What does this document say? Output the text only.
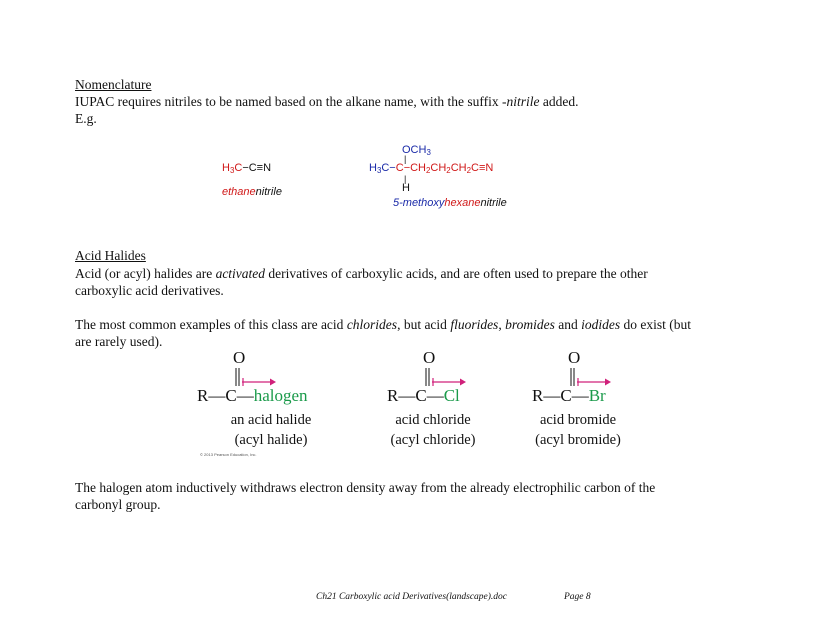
Nomenclature
IUPAC requires nitriles to be named based on the alkane name, with the suffix -nitrile added.
E.g.
$H_3C-C\equiv N$
ethanenitrile
$OCH_3$
|
$H_3C-C-CH_2CH_2CH_2C\equiv N$
|
H
5-methoxyhexanenitrile
Acid Halides
Acid (or acyl) halides are activated derivatives of carboxylic acids, and are often used to prepare the other
carboxylic acid derivatives.
The most common examples of this class are acid chlorides, but acid fluorides, bromides and iodides do exist (but
are rarely used).
O
R—C—halogen
an acid halide
(acyl halide)
O
R—C—Cl
acid chloride
(acyl chloride)
O
R—C—Br
acid bromide
(acyl bromide)
© 2013 Pearson Education, Inc.
The halogen atom inductively withdraws electron density away from the already electrophilic carbon of the
carbonyl group.
Ch21 Carboxylic acid Derivatives(landscape).doc	Page 8
